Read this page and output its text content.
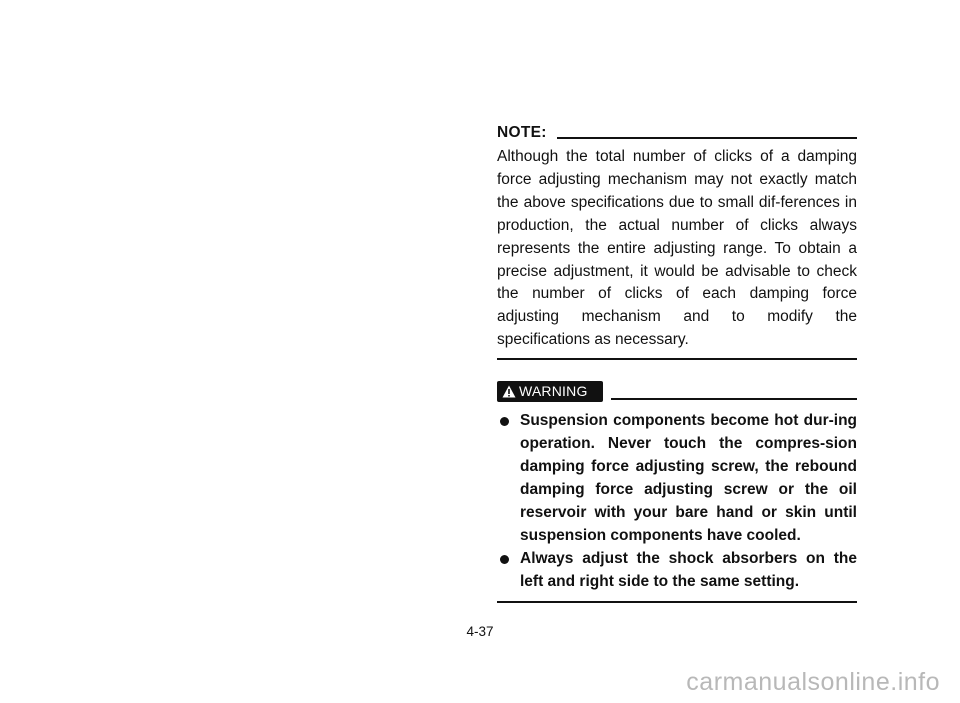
NOTE:
Although the total number of clicks of a damping force adjusting mechanism may not exactly match the above specifications due to small dif-ferences in production, the actual number of clicks always represents the entire adjusting range. To obtain a precise adjustment, it would be advisable to check the number of clicks of each damping force adjusting mechanism and to modify the specifications as necessary.
WARNING
Suspension components become hot dur-ing operation. Never touch the compres-sion damping force adjusting screw, the rebound damping force adjusting screw or the oil reservoir with your bare hand or skin until suspension components have cooled.
Always adjust the shock absorbers on the left and right side to the same setting.
4-37
carmanualsonline.info
